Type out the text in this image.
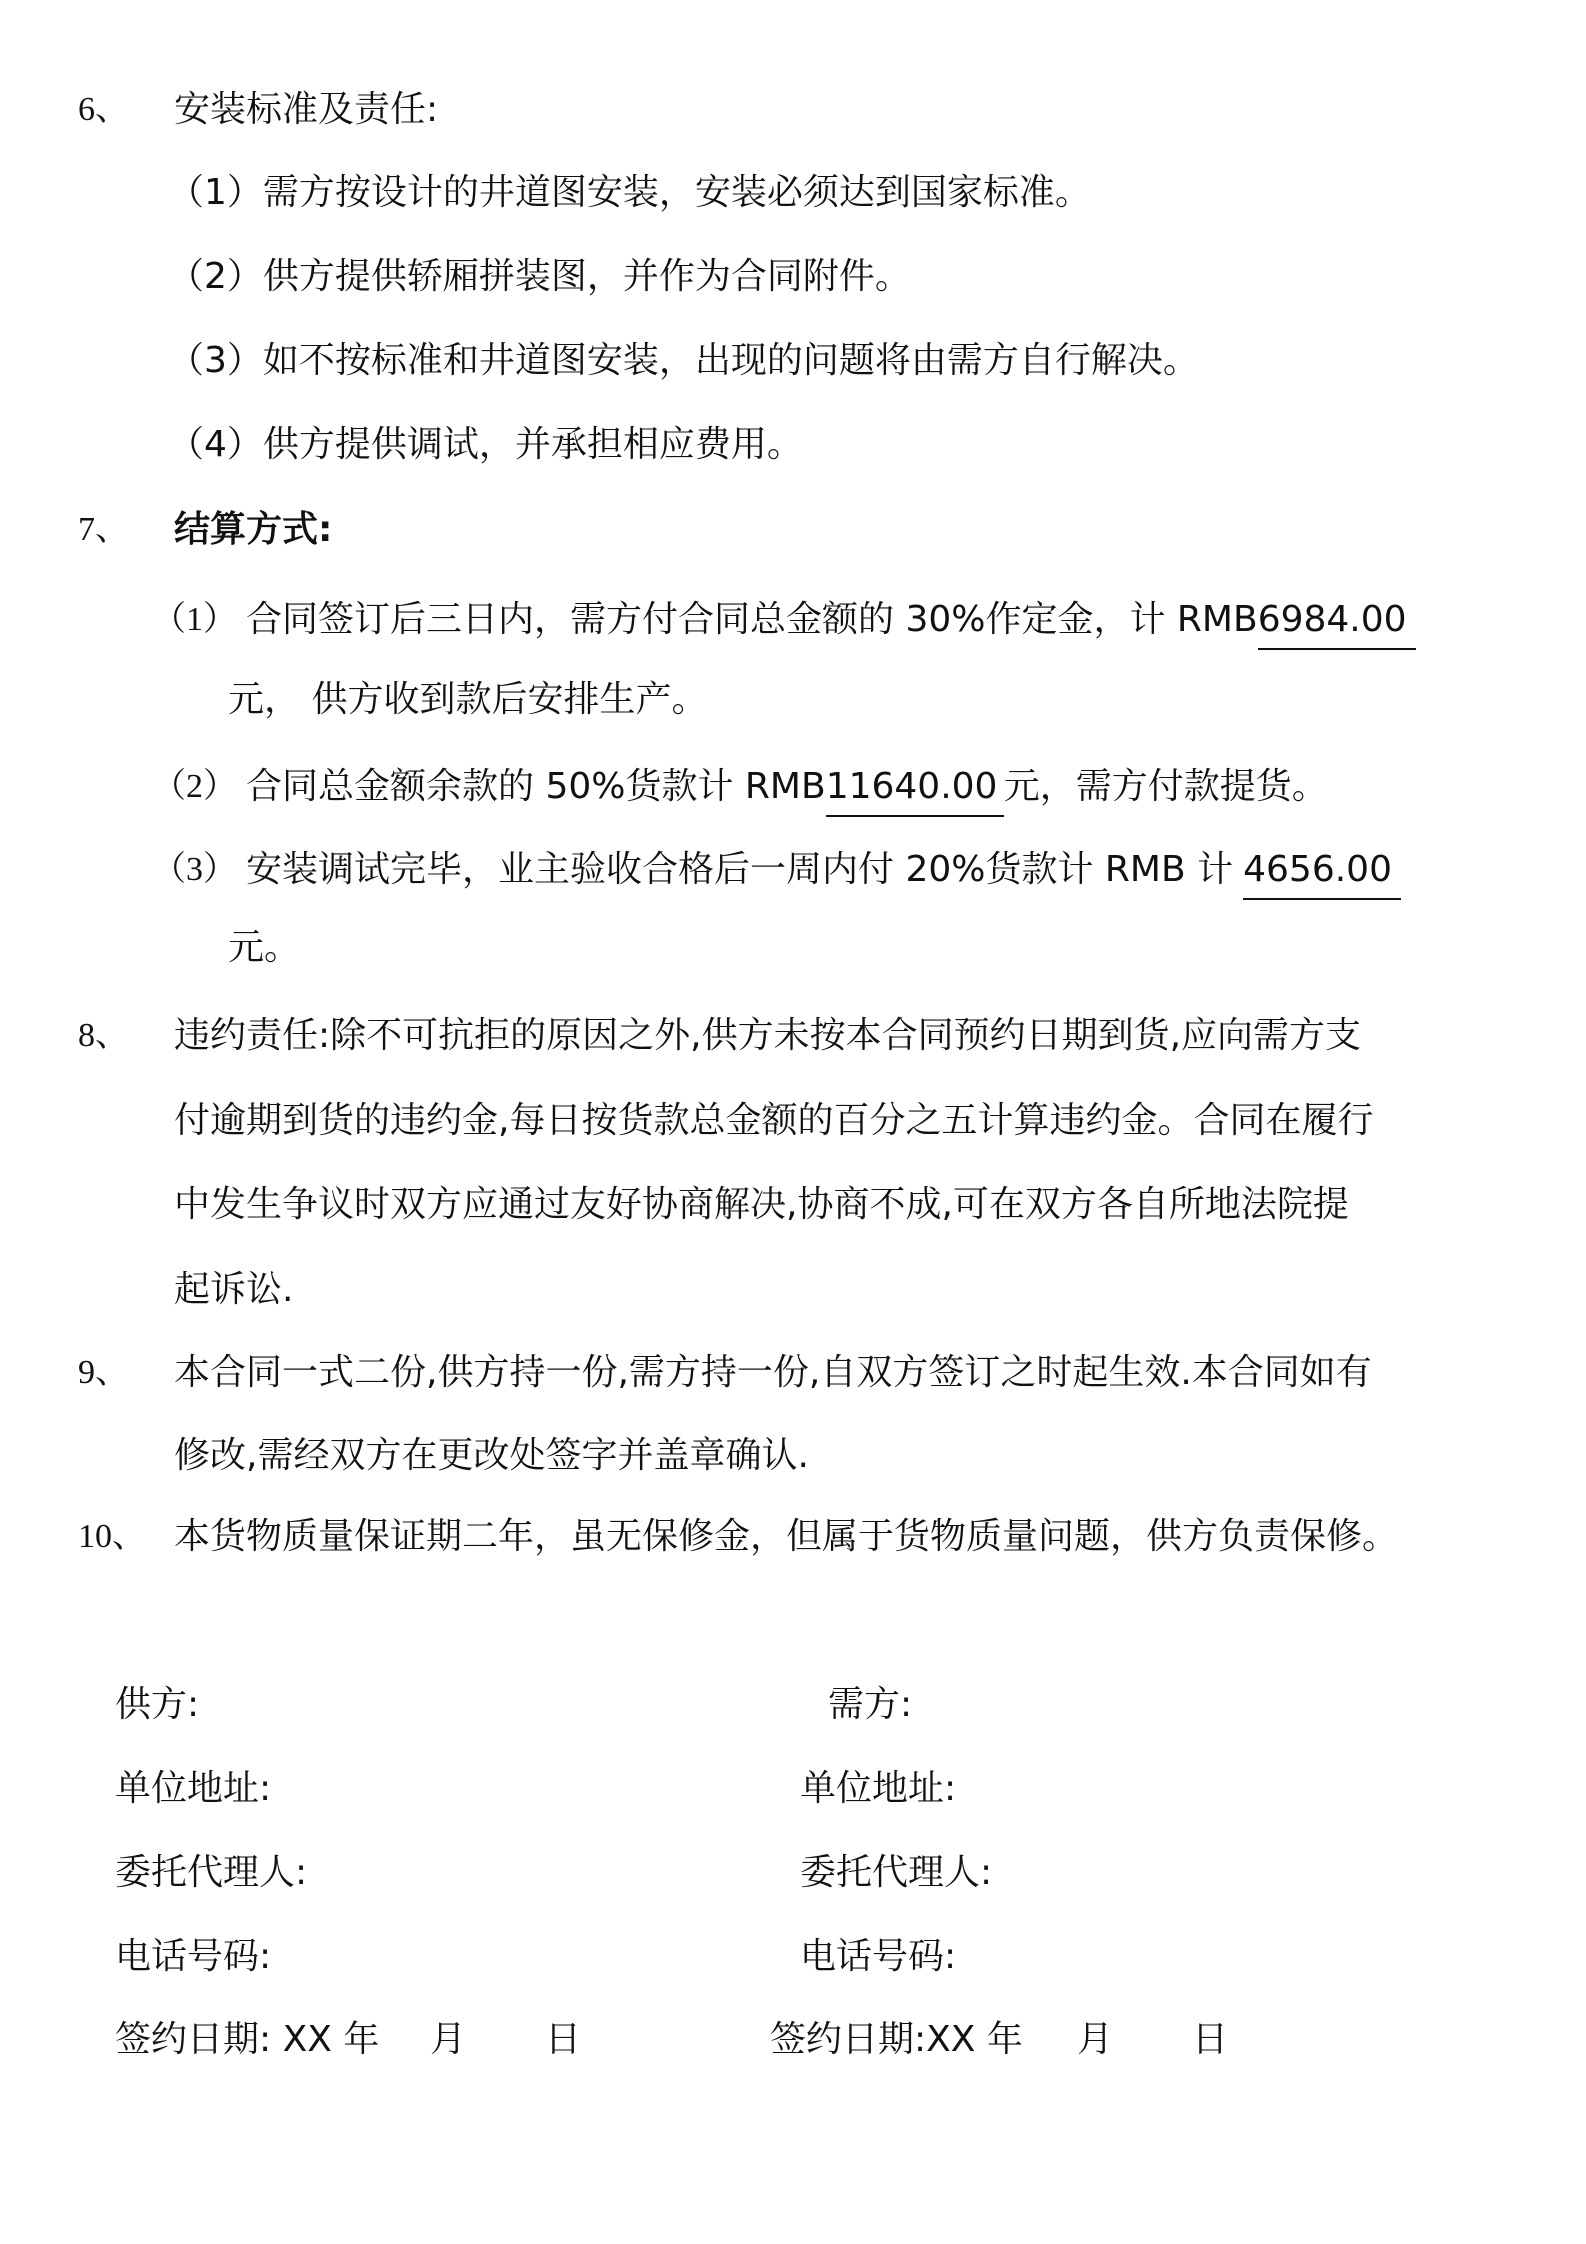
6、 安装标准及责任:
（1）需方按设计的井道图安装，安装必须达到国家标准。
（2）供方提供轿厢拼装图，并作为合同附件。
（3）如不按标准和井道图安装，出现的问题将由需方自行解决。
（4）供方提供调试，并承担相应费用。
7、 结算方式:
（1） 合同签订后三日内，需方付合同总金额的 30%作定金，计 RMB6984.00
元， 供方收到款后安排生产。
（2） 合同总金额余款的 50%货款计 RMB11640.00 元，需方付款提货。
（3） 安装调试完毕，业主验收合格后一周内付 20%货款计 RMB 计 4656.00
元。
8、 违约责任:除不可抗拒的原因之外,供方未按本合同预约日期到货,应向需方支
付逾期到货的违约金,每日按货款总金额的百分之五计算违约金。合同在履行
中发生争议时双方应通过友好协商解决,协商不成,可在双方各自所地法院提
起诉讼.
9、 本合同一式二份,供方持一份,需方持一份,自双方签订之时起生效.本合同如有
修改,需经双方在更改处签字并盖章确认.
10、 本货物质量保证期二年，虽无保修金，但属于货物质量问题，供方负责保修。
供方:
单位地址:
委托代理人:
电话号码:
签约日期: XX 年 月 日
需方:
单位地址:
委托代理人:
电话号码:
签约日期:XX 年 月 日
